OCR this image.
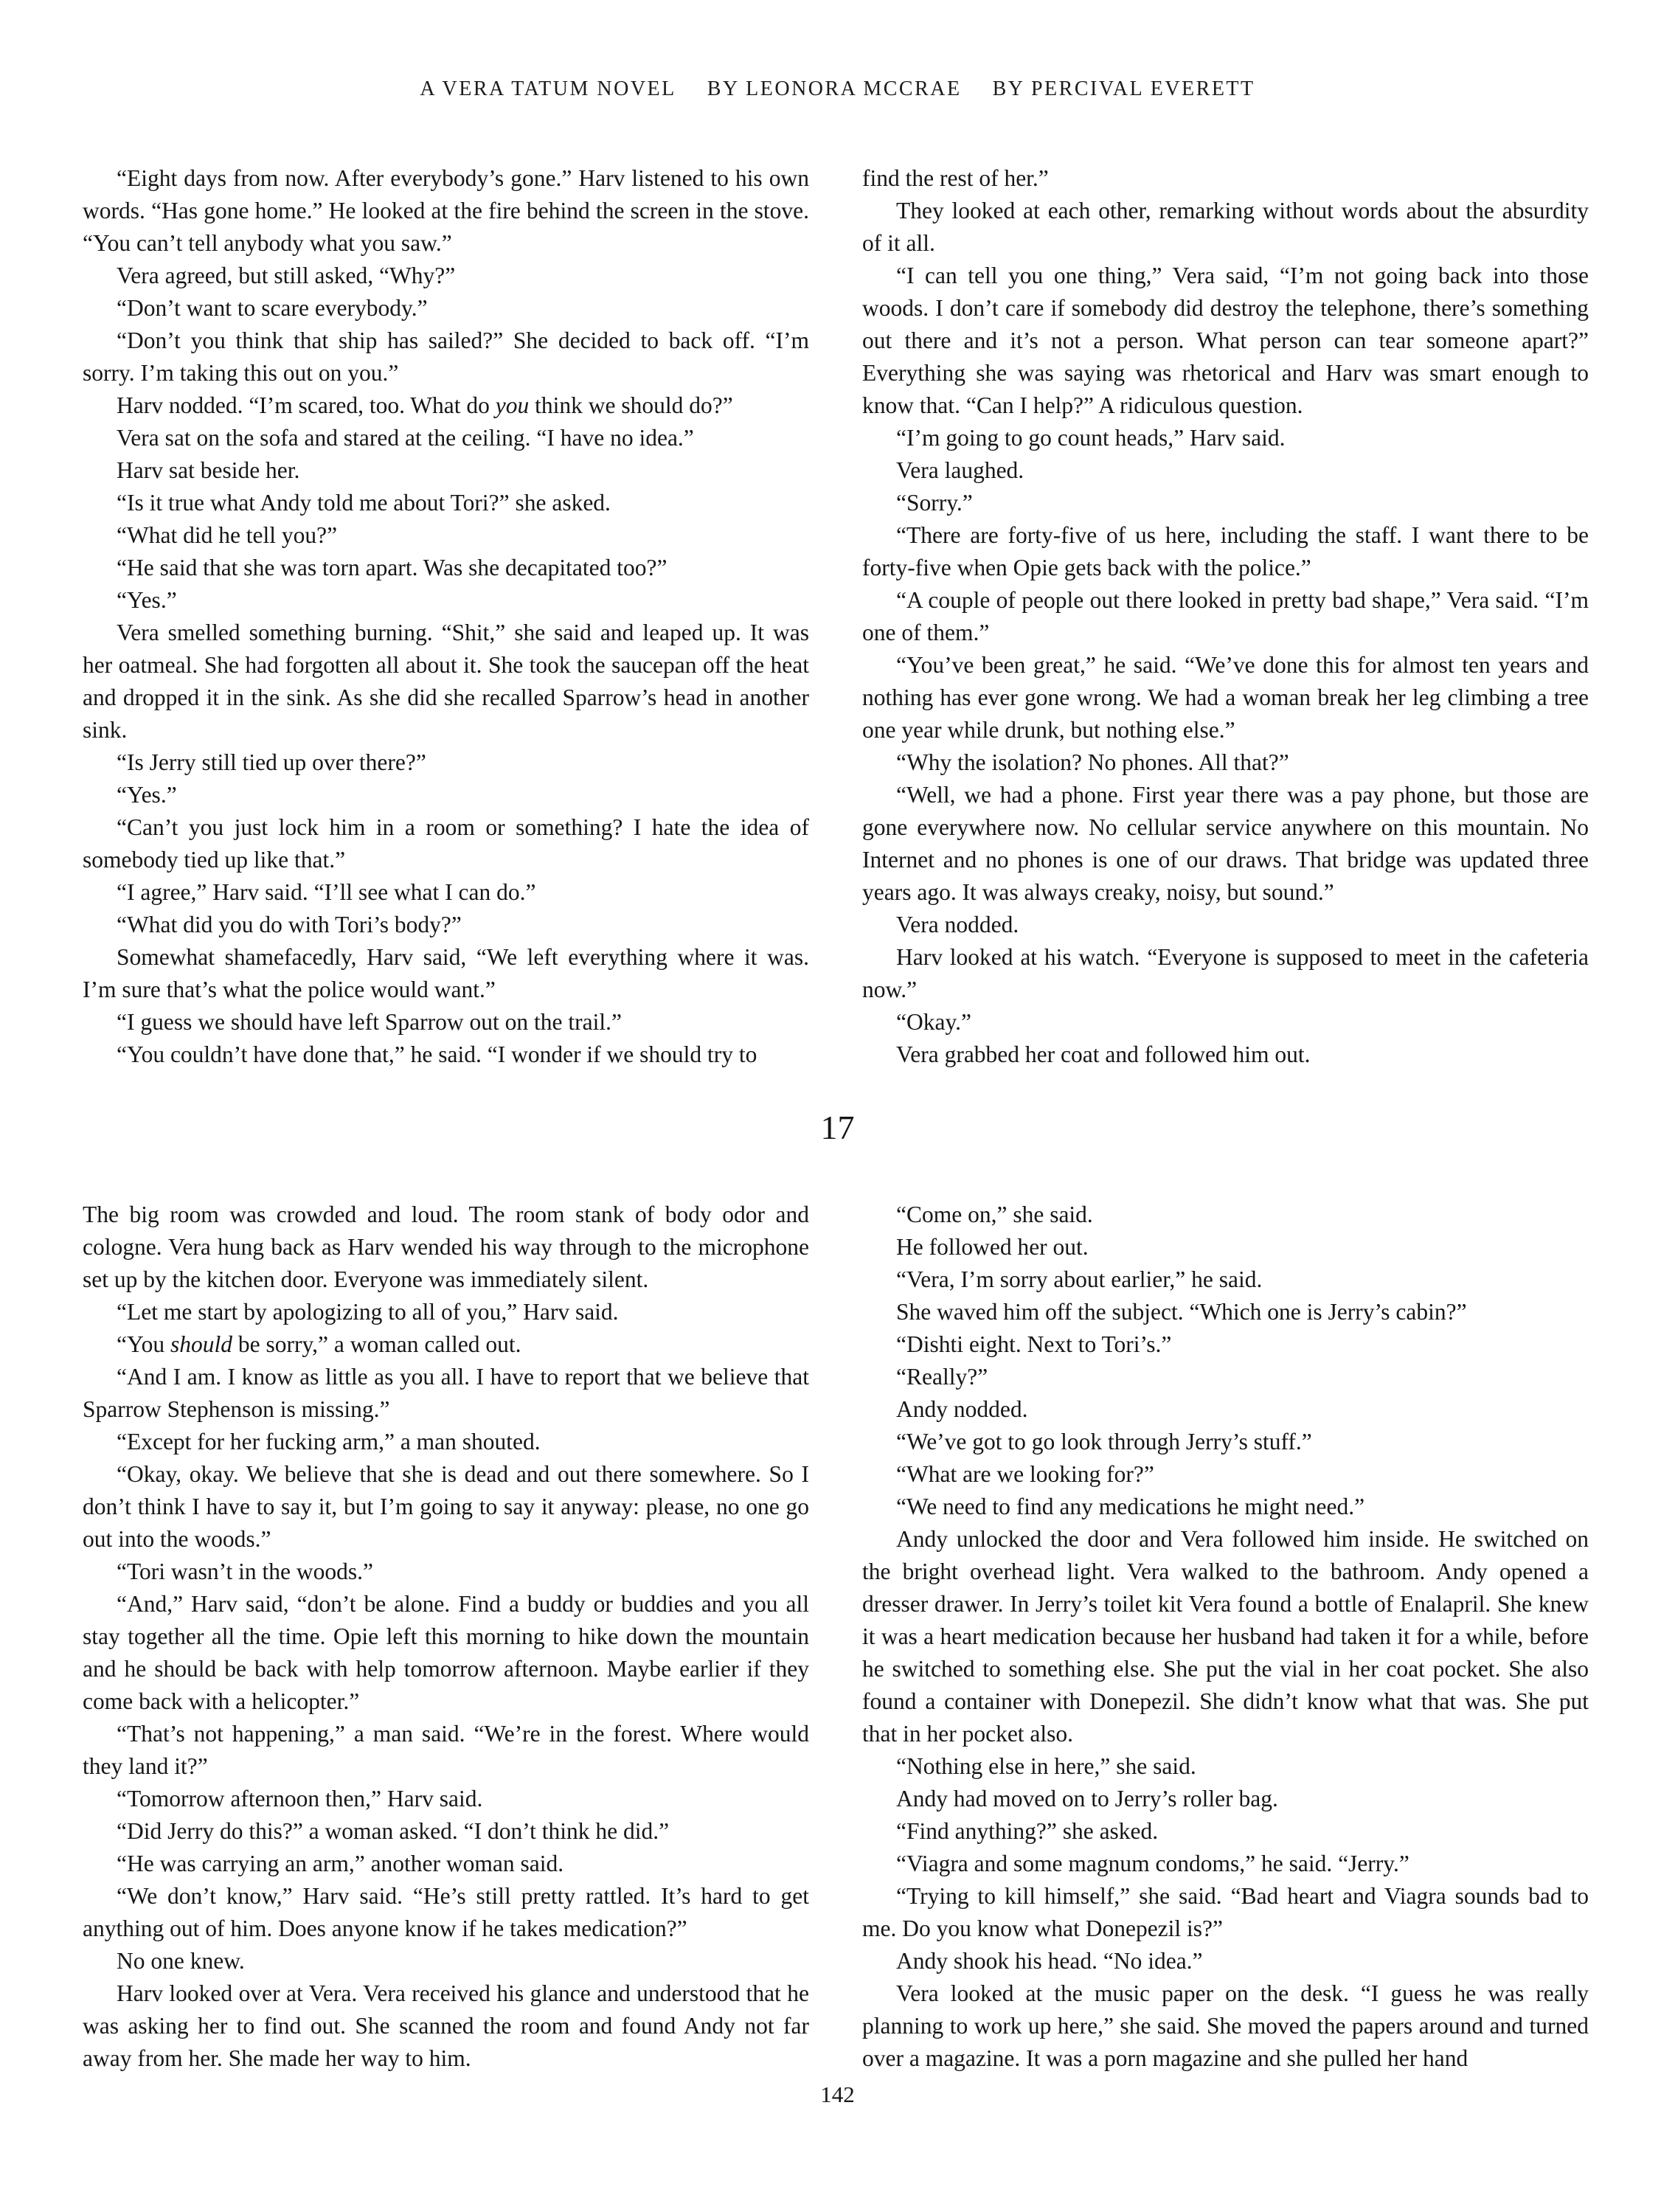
A VERA TATUM NOVEL BY LEONORA MCCRAE BY PERCIVAL EVERETT

“Eight days from now. After everybody’s gone.” Harv listened to his own words. “Has gone home.” He looked at the fire behind the screen in the stove. “You can’t tell anybody what you saw.”

Vera agreed, but still asked, “Why?”

“Don’t want to scare everybody.”

“Don’t you think that ship has sailed?” She decided to back off. “I’m sorry. I’m taking this out on you.”

Harv nodded. “I’m scared, too. What do you think we should do?”

Vera sat on the sofa and stared at the ceiling. “I have no idea.”

Harv sat beside her.

“Is it true what Andy told me about Tori?” she asked.

“What did he tell you?”

“He said that she was torn apart. Was she decapitated too?”

“Yes.”

Vera smelled something burning. “Shit,” she said and leaped up. It was her oatmeal. She had forgotten all about it. She took the saucepan off the heat and dropped it in the sink. As she did she recalled Sparrow’s head in another sink.

“Is Jerry still tied up over there?”

“Yes.”

“Can’t you just lock him in a room or something? I hate the idea of somebody tied up like that.”

“I agree,” Harv said. “I’ll see what I can do.”

“What did you do with Tori’s body?”

Somewhat shamefacedly, Harv said, “We left everything where it was. I’m sure that’s what the police would want.”

“I guess we should have left Sparrow out on the trail.”

“You couldn’t have done that,” he said. “I wonder if we should try to

find the rest of her.”

They looked at each other, remarking without words about the absurdity of it all.

“I can tell you one thing,” Vera said, “I’m not going back into those woods. I don’t care if somebody did destroy the telephone, there’s something out there and it’s not a person. What person can tear someone apart?” Everything she was saying was rhetorical and Harv was smart enough to know that. “Can I help?” A ridiculous question.

“I’m going to go count heads,” Harv said.

Vera laughed.

“Sorry.”

“There are forty-five of us here, including the staff. I want there to be forty-five when Opie gets back with the police.”

“A couple of people out there looked in pretty bad shape,” Vera said. “I’m one of them.”

“You’ve been great,” he said. “We’ve done this for almost ten years and nothing has ever gone wrong. We had a woman break her leg climbing a tree one year while drunk, but nothing else.”

“Why the isolation? No phones. All that?”

“Well, we had a phone. First year there was a pay phone, but those are gone everywhere now. No cellular service anywhere on this mountain. No Internet and no phones is one of our draws. That bridge was updated three years ago. It was always creaky, noisy, but sound.”

Vera nodded.

Harv looked at his watch. “Everyone is supposed to meet in the cafeteria now.”

“Okay.”

Vera grabbed her coat and followed him out.

17

The big room was crowded and loud. The room stank of body odor and cologne. Vera hung back as Harv wended his way through to the microphone set up by the kitchen door. Everyone was immediately silent.

“Let me start by apologizing to all of you,” Harv said.

“You should be sorry,” a woman called out.

“And I am. I know as little as you all. I have to report that we believe that Sparrow Stephenson is missing.”

“Except for her fucking arm,” a man shouted.

“Okay, okay. We believe that she is dead and out there somewhere. So I don’t think I have to say it, but I’m going to say it anyway: please, no one go out into the woods.”

“Tori wasn’t in the woods.”

“And,” Harv said, “don’t be alone. Find a buddy or buddies and you all stay together all the time. Opie left this morning to hike down the mountain and he should be back with help tomorrow afternoon. Maybe earlier if they come back with a helicopter.”

“That’s not happening,” a man said. “We’re in the forest. Where would they land it?”

“Tomorrow afternoon then,” Harv said.

“Did Jerry do this?” a woman asked. “I don’t think he did.”

“He was carrying an arm,” another woman said.

“We don’t know,” Harv said. “He’s still pretty rattled. It’s hard to get anything out of him. Does anyone know if he takes medication?”

No one knew.

Harv looked over at Vera. Vera received his glance and understood that he was asking her to find out. She scanned the room and found Andy not far away from her. She made her way to him.

“Come on,” she said.

He followed her out.

“Vera, I’m sorry about earlier,” he said.

She waved him off the subject. “Which one is Jerry’s cabin?”

“Dishti eight. Next to Tori’s.”

“Really?”

Andy nodded.

“We’ve got to go look through Jerry’s stuff.”

“What are we looking for?”

“We need to find any medications he might need.”

Andy unlocked the door and Vera followed him inside. He switched on the bright overhead light. Vera walked to the bathroom. Andy opened a dresser drawer. In Jerry’s toilet kit Vera found a bottle of Enalapril. She knew it was a heart medication because her husband had taken it for a while, before he switched to something else. She put the vial in her coat pocket. She also found a container with Donepezil. She didn’t know what that was. She put that in her pocket also.

“Nothing else in here,” she said.

Andy had moved on to Jerry’s roller bag.

“Find anything?” she asked.

“Viagra and some magnum condoms,” he said. “Jerry.”

“Trying to kill himself,” she said. “Bad heart and Viagra sounds bad to me. Do you know what Donepezil is?”

Andy shook his head. “No idea.”

Vera looked at the music paper on the desk. “I guess he was really planning to work up here,” she said. She moved the papers around and turned over a magazine. It was a porn magazine and she pulled her hand

142
